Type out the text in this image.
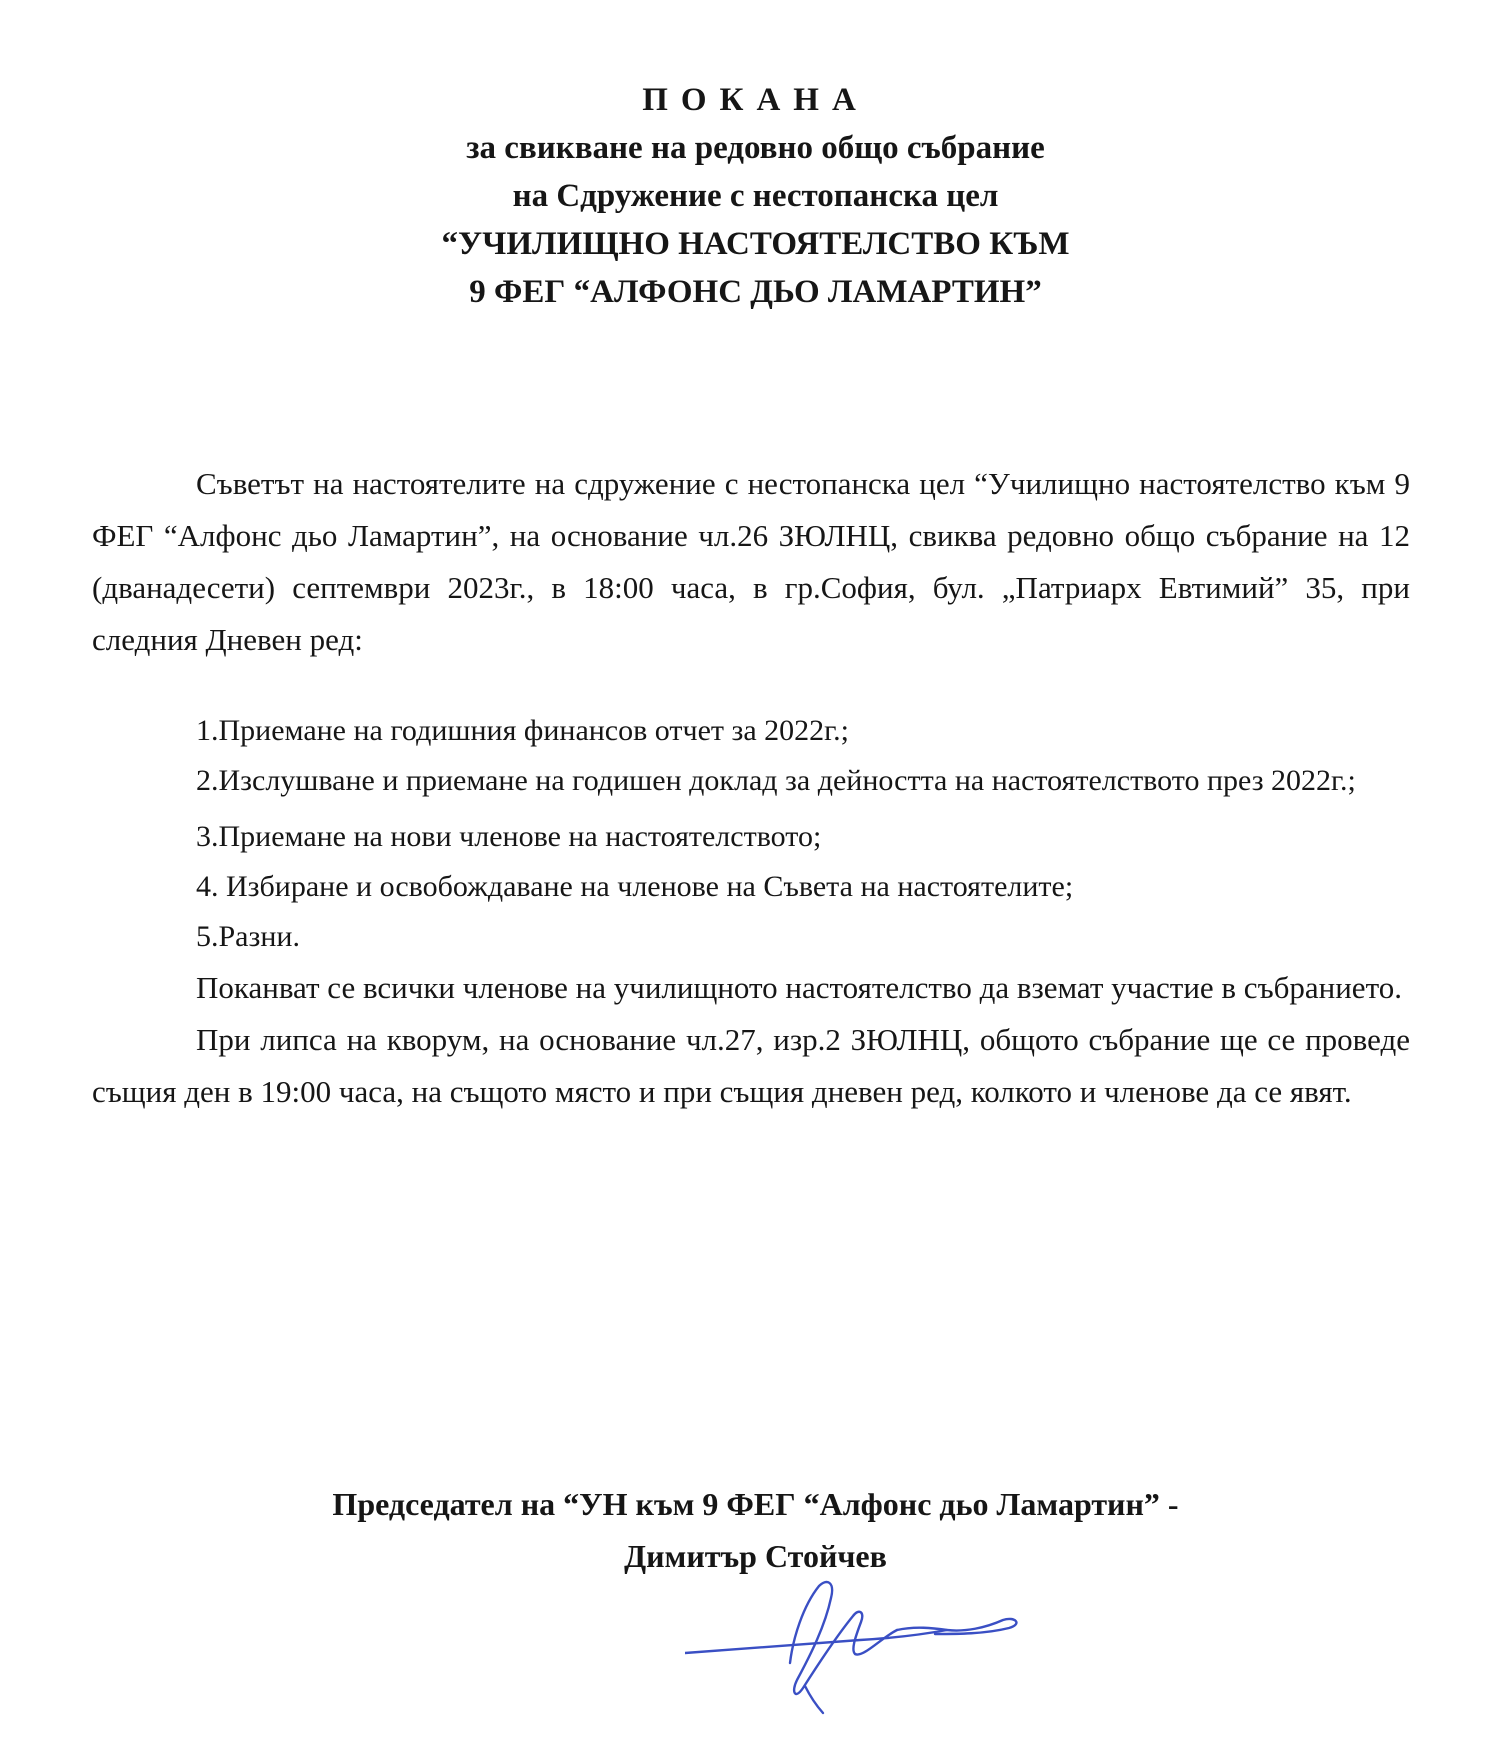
ПОКАНА
за свикване на редовно общо събрание
на Сдружение с нестопанска цел
“УЧИЛИЩНО НАСТОЯТЕЛСТВО КЪМ
9 ФЕГ “АЛФОНС ДЬО ЛАМАРТИН”

Съветът на настоятелите на сдружение с нестопанска цел “Училищно настоятелство към 9 ФЕГ “Алфонс дьо Ламартин”, на основание чл.26 ЗЮЛНЦ, свиква редовно общо събрание на 12 (дванадесети) септември 2023г., в 18:00 часа, в гр.София, бул. „Патриарх Евтимий” 35, при следния Дневен ред:

1.Приемане на годишния финансов отчет за 2022г.;

2.Изслушване и приемане на годишен доклад за дейността на настоятелството през 2022г.;

3.Приемане на нови членове на настоятелството;

4. Избиране и освобождаване на членове на Съвета на настоятелите;

5.Разни.

Поканват се всички членове на училищното настоятелство да вземат участие в събранието.

При липса на кворум, на основание чл.27, изр.2 ЗЮЛНЦ, общото събрание ще се проведе същия ден в 19:00 часа, на същото място и при същия дневен ред, колкото и членове да се явят.

Председател на “УН към 9 ФЕГ “Алфонс дьо Ламартин” -
Димитър Стойчев
